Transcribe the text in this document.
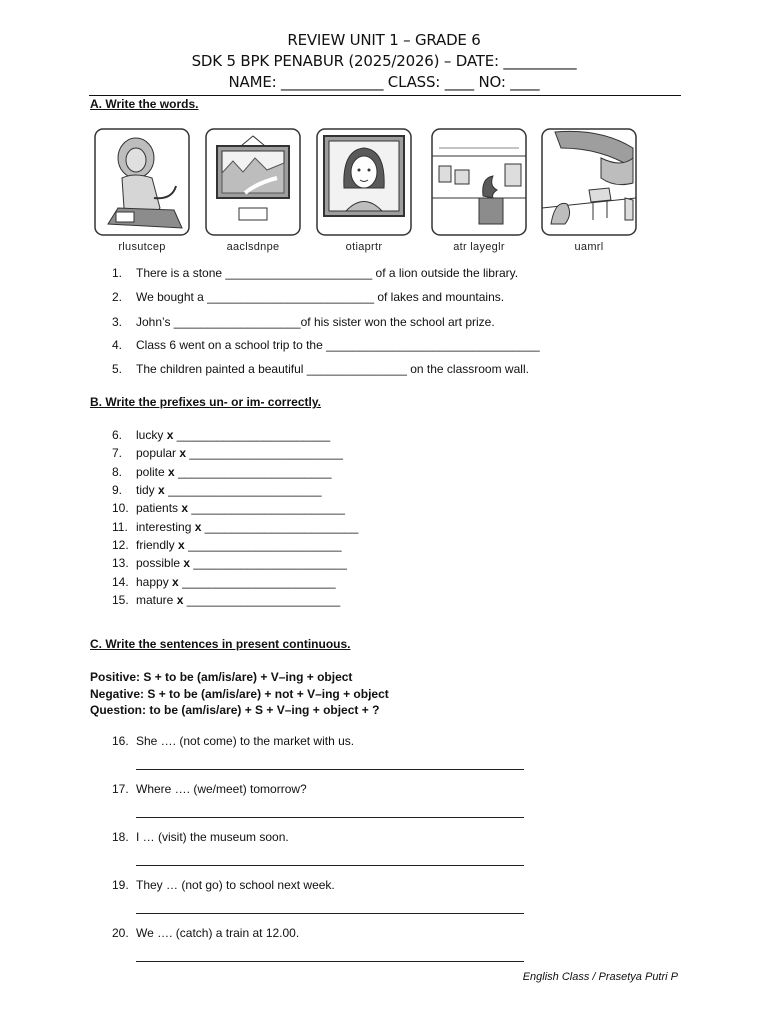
REVIEW UNIT 1 – GRADE 6
SDK 5 BPK PENABUR (2025/2026) – DATE: __________
NAME: ______________ CLASS: ____ NO: ____
A. Write the words.
rlusutcep	aaclsdnpe	otiaprtr	atr layeglr	uamrl
1. There is a stone ______________________ of a lion outside the library.
2. We bought a _________________________ of lakes and mountains.
3. John’s ___________________of his sister won the school art prize.
4. Class 6 went on a school trip to the ________________________________
5. The children painted a beautiful _______________ on the classroom wall.
B. Write the prefixes un- or im- correctly.
6. lucky x _______________________
7. popular x _______________________
8. polite x _______________________
9. tidy x _______________________
10. patients x _______________________
11. interesting x _______________________
12. friendly x _______________________
13. possible x _______________________
14. happy x _______________________
15. mature x _______________________
C. Write the sentences in present continuous.
Positive: S + to be (am/is/are) + V–ing + object
Negative: S + to be (am/is/are) + not + V–ing + object
Question: to be (am/is/are) + S + V–ing + object + ?
16. She …. (not come) to the market with us.
17. Where …. (we/meet) tomorrow?
18. I … (visit) the museum soon.
19. They … (not go) to school next week.
20. We …. (catch) a train at 12.00.
English Class / Prasetya Putri P
